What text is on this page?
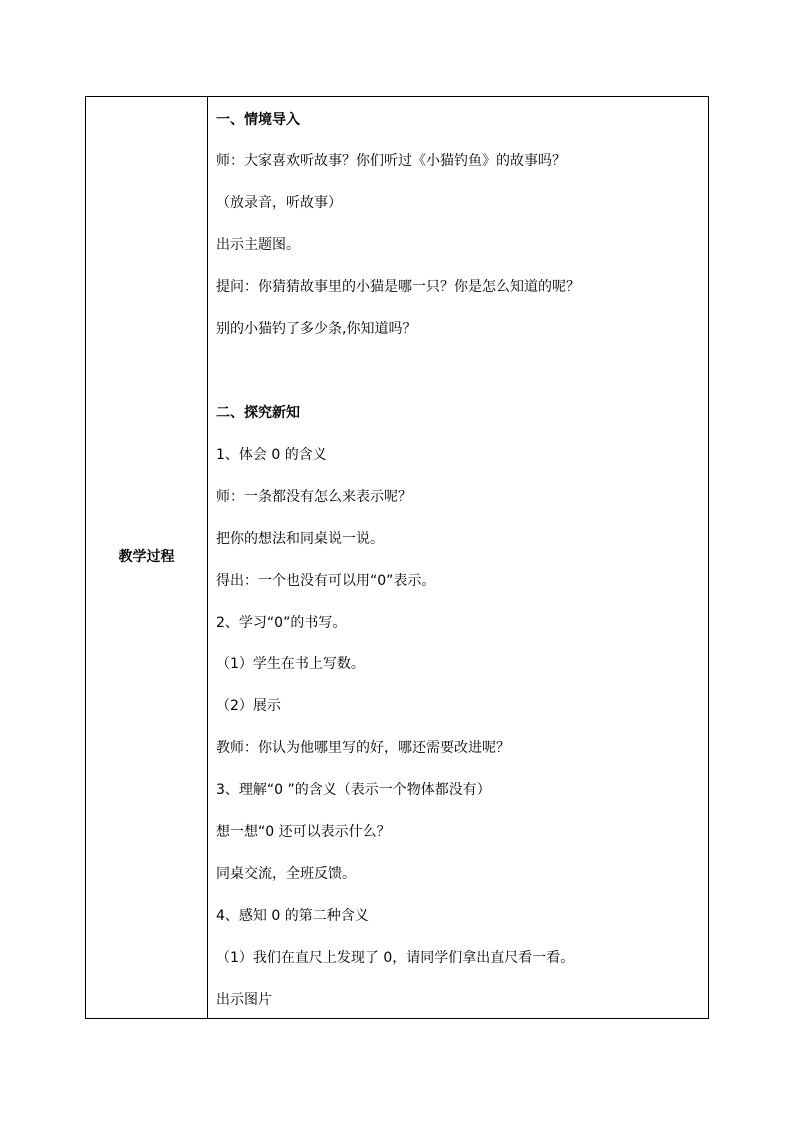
教学过程
一、情境导入
师：大家喜欢听故事？你们听过《小猫钓鱼》的故事吗？
（放录音，听故事）
出示主题图。
提问：你猜猜故事里的小猫是哪一只？你是怎么知道的呢？
别的小猫钓了多少条,你知道吗？
二、探究新知
1、体会 0 的含义
师：一条都没有怎么来表示呢？
把你的想法和同桌说一说。
得出：一个也没有可以用“0”表示。
2、学习“0”的书写。
（1）学生在书上写数。
（2）展示
教师：你认为他哪里写的好，哪还需要改进呢？
3、理解“0 ”的含义（表示一个物体都没有）
想一想“0 还可以表示什么？
同桌交流，全班反馈。
4、感知 0 的第二种含义
（1）我们在直尺上发现了 0，请同学们拿出直尺看一看。
出示图片
